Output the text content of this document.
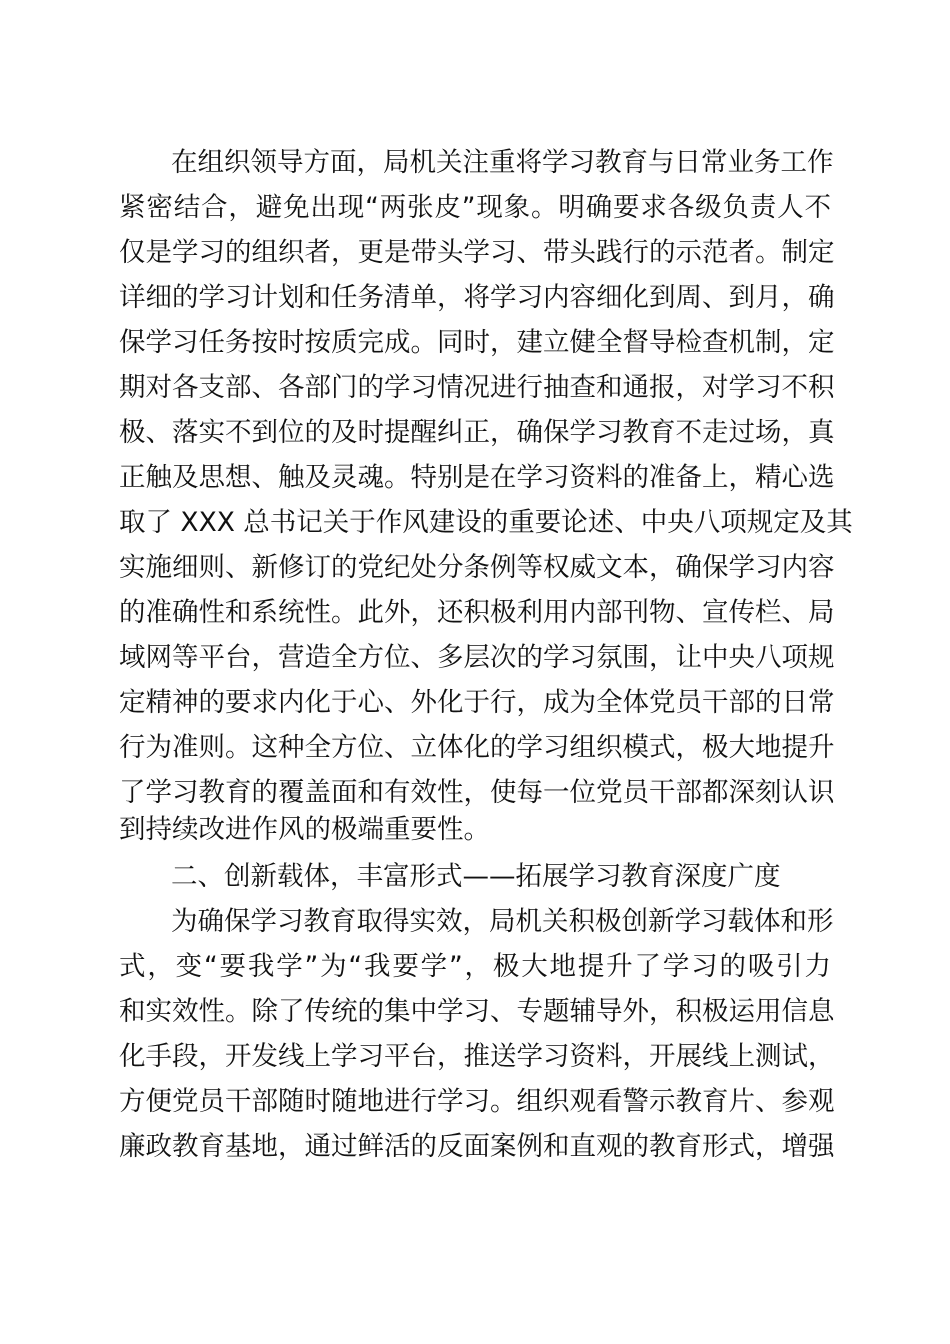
在组织领导方面，局机关注重将学习教育与日常业务工作
紧密结合，避免出现“两张皮”现象。明确要求各级负责人不
仅是学习的组织者，更是带头学习、带头践行的示范者。制定
详细的学习计划和任务清单，将学习内容细化到周、到月，确
保学习任务按时按质完成。同时，建立健全督导检查机制，定
期对各支部、各部门的学习情况进行抽查和通报，对学习不积
极、落实不到位的及时提醒纠正，确保学习教育不走过场，真
正触及思想、触及灵魂。特别是在学习资料的准备上，精心选
取了 XXX 总书记关于作风建设的重要论述、中央八项规定及其
实施细则、新修订的党纪处分条例等权威文本，确保学习内容
的准确性和系统性。此外，还积极利用内部刊物、宣传栏、局
域网等平台，营造全方位、多层次的学习氛围，让中央八项规
定精神的要求内化于心、外化于行，成为全体党员干部的日常
行为准则。这种全方位、立体化的学习组织模式，极大地提升
了学习教育的覆盖面和有效性，使每一位党员干部都深刻认识
到持续改进作风的极端重要性。
二、创新载体，丰富形式——拓展学习教育深度广度
为确保学习教育取得实效，局机关积极创新学习载体和形
式，变“要我学”为“我要学”，极大地提升了学习的吸引力
和实效性。除了传统的集中学习、专题辅导外，积极运用信息
化手段，开发线上学习平台，推送学习资料，开展线上测试，
方便党员干部随时随地进行学习。组织观看警示教育片、参观
廉政教育基地，通过鲜活的反面案例和直观的教育形式，增强
